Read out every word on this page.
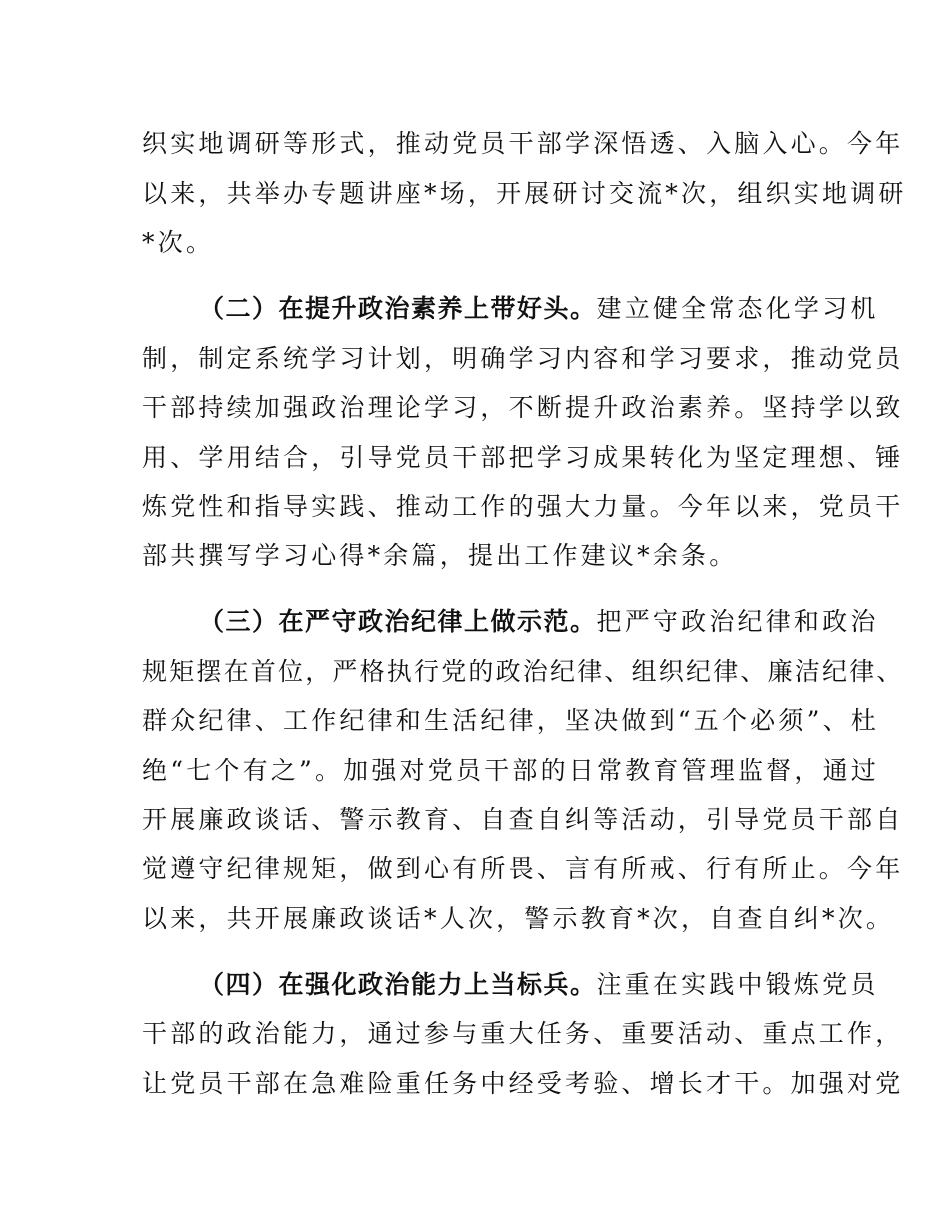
织实地调研等形式，推动党员干部学深悟透、入脑入心。今年
以来，共举办专题讲座*场，开展研讨交流*次，组织实地调研
*次。
（二）在提升政治素养上带好头。建立健全常态化学习机
制，制定系统学习计划，明确学习内容和学习要求，推动党员
干部持续加强政治理论学习，不断提升政治素养。坚持学以致
用、学用结合，引导党员干部把学习成果转化为坚定理想、锤
炼党性和指导实践、推动工作的强大力量。今年以来，党员干
部共撰写学习心得*余篇，提出工作建议*余条。
（三）在严守政治纪律上做示范。把严守政治纪律和政治
规矩摆在首位，严格执行党的政治纪律、组织纪律、廉洁纪律、
群众纪律、工作纪律和生活纪律，坚决做到“五个必须”、杜
绝“七个有之”。加强对党员干部的日常教育管理监督，通过
开展廉政谈话、警示教育、自查自纠等活动，引导党员干部自
觉遵守纪律规矩，做到心有所畏、言有所戒、行有所止。今年
以来，共开展廉政谈话*人次，警示教育*次，自查自纠*次。
（四）在强化政治能力上当标兵。注重在实践中锻炼党员
干部的政治能力，通过参与重大任务、重要活动、重点工作，
让党员干部在急难险重任务中经受考验、增长才干。加强对党
